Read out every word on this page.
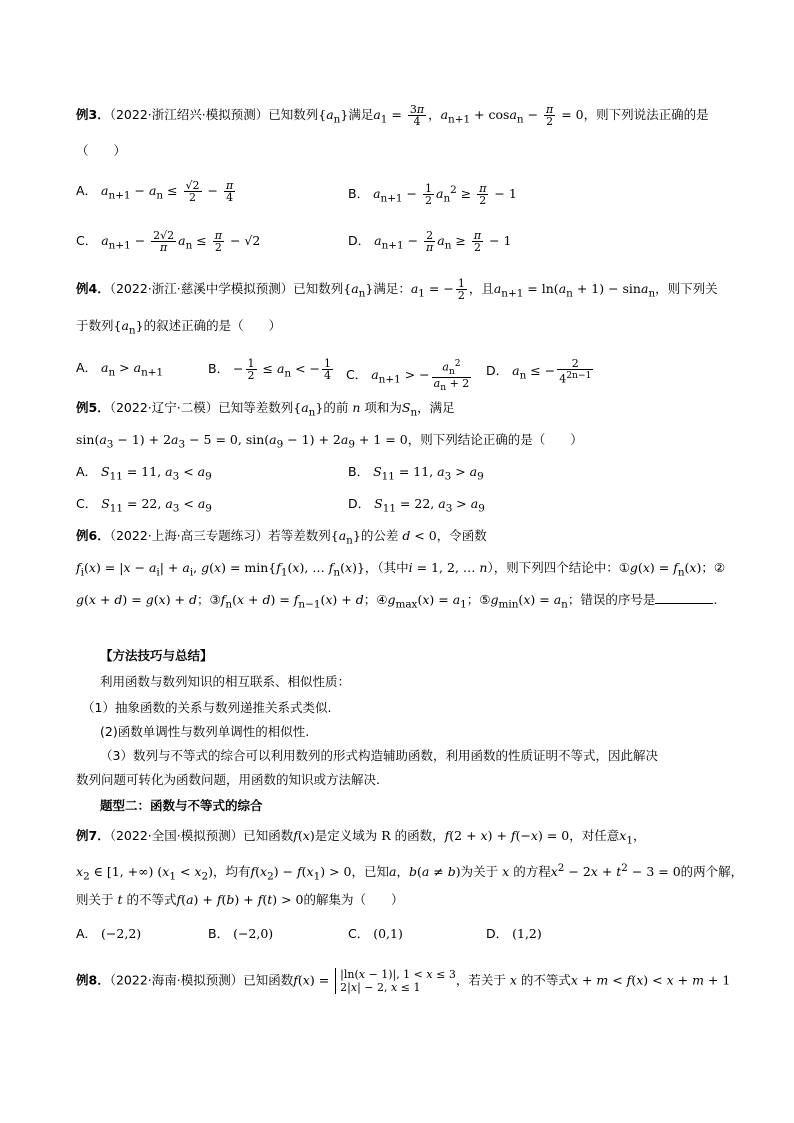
例3．（2022·浙江绍兴·模拟预测）已知数列$\{a_n\}$满足$a_1 = \frac{3\pi}{4}$ ，$a_{n+1} + \cos a_n - \frac{\pi}{2} = 0$，则下列说法正确的是
（　　）
A． $a_{n+1} - a_n \le \frac{√2}{2} - \frac{\pi}{4}$	B． $a_{n+1} - \frac{1}{2} a_n^2 \ge \frac{\pi}{2} - 1$
C． $a_{n+1} - \frac{2√2}{\pi} a_n \le \frac{\pi}{2} - √2$	D． $a_{n+1} - \frac{2}{\pi} a_n \ge \frac{\pi}{2} - 1$
例4．（2022·浙江·慈溪中学模拟预测）已知数列$\{a_n\}$满足：$a_1$ = − $\frac{1}{2}$ ，且$a_{n+1} = \ln(a_n + 1) - \sin a_n$，则下列关
于数列$\{a_n\}$的叙述正确的是（　　）
A． $a_n > a_{n+1}$	B． − $\frac{1}{2} \le a_n$ < − $\frac{1}{4}$ C． $a_{n+1}$ > − $\frac{a_n^2}{a_n + 2}$ D． $a_n$ ≤ − $\frac{2}{4^{2n-1}}$
例5．（2022·辽宁·二模）已知等差数列$\{a_n\}$的前 n 项和为$S_n$，满足
$\sin(a_3 - 1) + 2a_3 - 5 = 0$, $\sin(a_9 - 1) + 2a_9 + 1 = 0$，则下列结论正确的是（　　）
A． $S_{11} = 11$, $a_3 < a_9$	B． $S_{11} = 11$, $a_3 > a_9$
C． $S_{11} = 22$, $a_3 < a_9$	D． $S_{11} = 22$, $a_3 > a_9$
例6．（2022·上海·高三专题练习）若等差数列$\{a_n\}$的公差 d < 0，令函数
$f_i(x) = |x - a_i| + a_i$, $g(x) = \min\{f_1(x)$, … $f_n(x)$}，（其中i = 1, 2, … n），则下列四个结论中：①g(x) = $f_n(x)$；②
g(x + d) = g(x) + d；$③f_n(x + d) = f_{n-1}(x) + d$；$④g_{max}(x) = a_1$；$⑤g_{min}(x) = a_n$；错误的序号是	.
【方法技巧与总结】
利用函数与数列知识的相互联系、相似性质：
（1）抽象函数的关系与数列递推关系式类似.
(2)函数单调性与数列单调性的相似性.
（3）数列与不等式的综合可以利用数列的形式构造辅助函数，利用函数的性质证明不等式，因此解决
数列问题可转化为函数问题，用函数的知识或方法解决.
题型二：函数与不等式的综合
例7．（2022·全国·模拟预测）已知函数f(x)是定义域为 R 的函数，f(2 + x) + f(−x) = 0，对任意$x_1$，
$x_2$ ∈ [1, +∞) $(x_1 < x_2)$，均有$f(x_2) - f(x_1) > 0$，已知a，b(a ≠ b)为关于 x 的方程$x^2 - 2x + t^2 - 3 = 0$的两个解，
则关于 t 的不等式f(a) + f(b) + f(t) > 0的解集为（　　）
A． (−2,2)	B． (−2,0)	C． (0,1)	D． (1,2)
例8．（2022·海南·模拟预测）已知函数f(x) = |ln(x − 1)|, 1 < x ≤ 3
2|x| − 2, x ≤ 1	，若关于 x 的不等式x + m < f(x) < x + m + 1
